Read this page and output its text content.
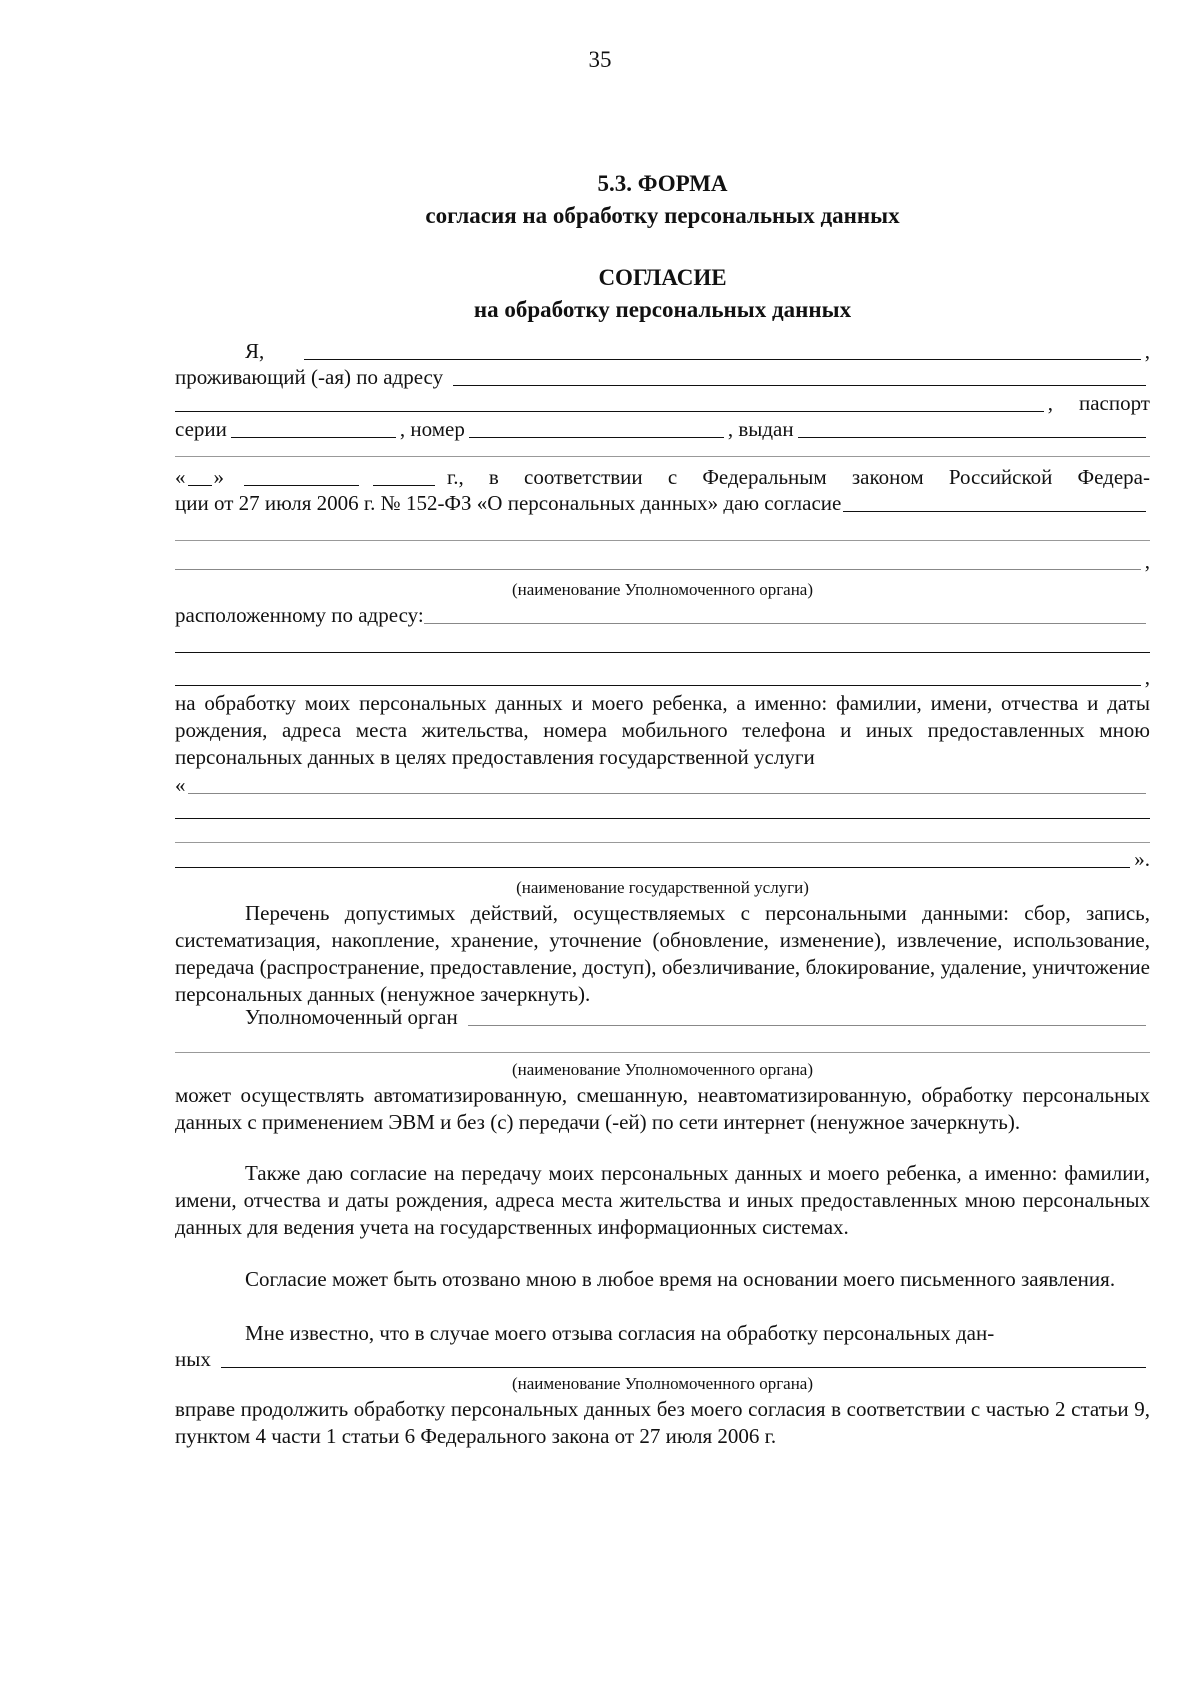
35
5.3. ФОРМА
согласия на обработку персональных данных
СОГЛАСИЕ
на обработку персональных данных
Я,	,
проживающий (-ая) по адресу
, паспорт
серии	, номер	, выдан
« »	г., в соответствии с Федеральным законом Российской Федера-
ции от 27 июля 2006 г. № 152-ФЗ «О персональных данных» даю согласие
,
(наименование Уполномоченного органа)
расположенному по адресу:
,
на обработку моих персональных данных и моего ребенка, а именно: фамилии, имени, отчества и даты рождения, адреса места жительства, номера мобильного телефона и иных предоставленных мною персональных данных в целях предоставления государственной услуги
«
».
(наименование государственной услуги)
Перечень допустимых действий, осуществляемых с персональными данными: сбор, запись, систематизация, накопление, хранение, уточнение (обновление, изменение), извлечение, использование, передача (распространение, предоставление, доступ), обезличивание, блокирование, удаление, уничтожение персональных данных (ненужное зачеркнуть).
Уполномоченный орган
(наименование Уполномоченного органа)
может осуществлять автоматизированную, смешанную, неавтоматизированную, обработку персональных данных с применением ЭВМ и без (с) передачи (-ей) по сети интернет (ненужное зачеркнуть).
Также даю согласие на передачу моих персональных данных и моего ребенка, а именно: фамилии, имени, отчества и даты рождения, адреса места жительства и иных предоставленных мною персональных данных для ведения учета на государственных информационных системах.
Согласие может быть отозвано мною в любое время на основании моего письменного заявления.
Мне известно, что в случае моего отзыва согласия на обработку персональных дан-
ных
(наименование Уполномоченного органа)
вправе продолжить обработку персональных данных без моего согласия в соответствии с частью 2 статьи 9, пунктом 4 части 1 статьи 6 Федерального закона от 27 июля 2006 г.
